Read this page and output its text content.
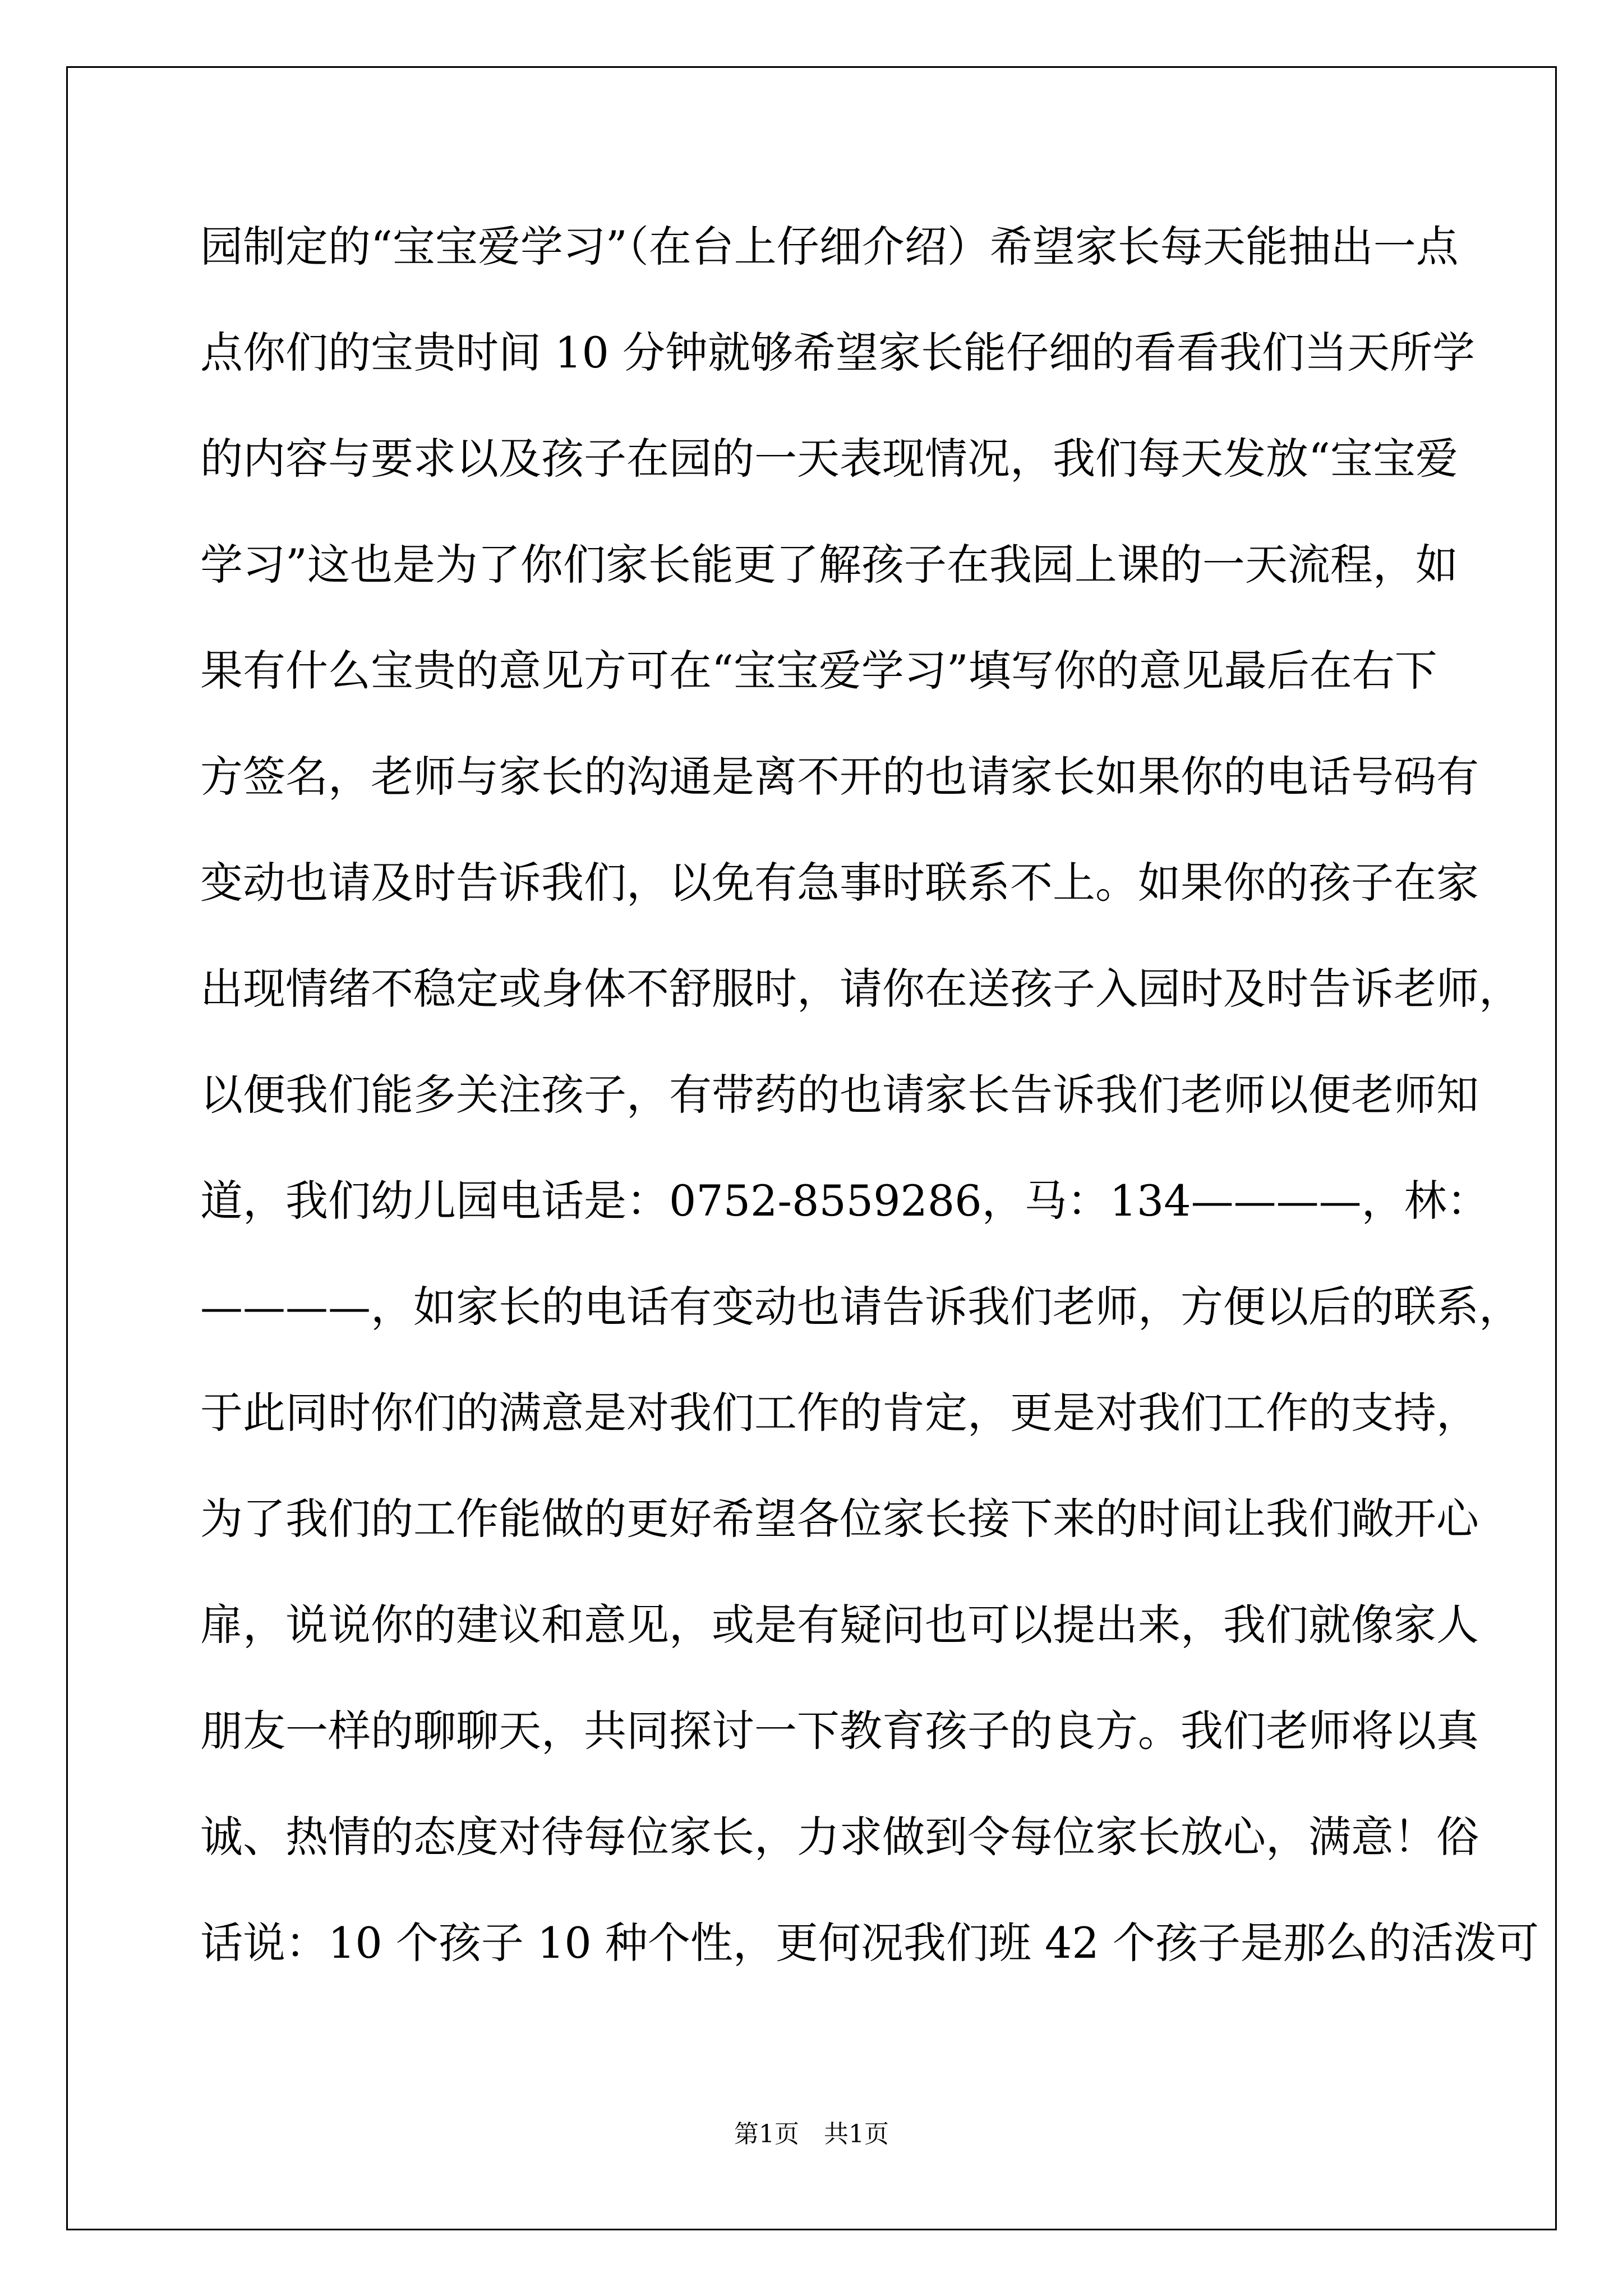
园制定的“宝宝爱学习”（在台上仔细介绍）希望家长每天能抽出一点
点你们的宝贵时间 10 分钟就够希望家长能仔细的看看我们当天所学
的内容与要求以及孩子在园的一天表现情况，我们每天发放“宝宝爱
学习”这也是为了你们家长能更了解孩子在我园上课的一天流程，如
果有什么宝贵的意见方可在“宝宝爱学习”填写你的意见最后在右下
方签名，老师与家长的沟通是离不开的也请家长如果你的电话号码有
变动也请及时告诉我们，以免有急事时联系不上。如果你的孩子在家
出现情绪不稳定或身体不舒服时，请你在送孩子入园时及时告诉老师，
以便我们能多关注孩子，有带药的也请家长告诉我们老师以便老师知
道，我们幼儿园电话是：0752-8559286，马：134————，林：
————，如家长的电话有变动也请告诉我们老师，方便以后的联系，
于此同时你们的满意是对我们工作的肯定，更是对我们工作的支持，
为了我们的工作能做的更好希望各位家长接下来的时间让我们敞开心
扉，说说你的建议和意见，或是有疑问也可以提出来，我们就像家人
朋友一样的聊聊天，共同探讨一下教育孩子的良方。我们老师将以真
诚、热情的态度对待每位家长，力求做到令每位家长放心，满意！俗
话说：10 个孩子 10 种个性，更何况我们班 42 个孩子是那么的活泼可
第1页　共1页
